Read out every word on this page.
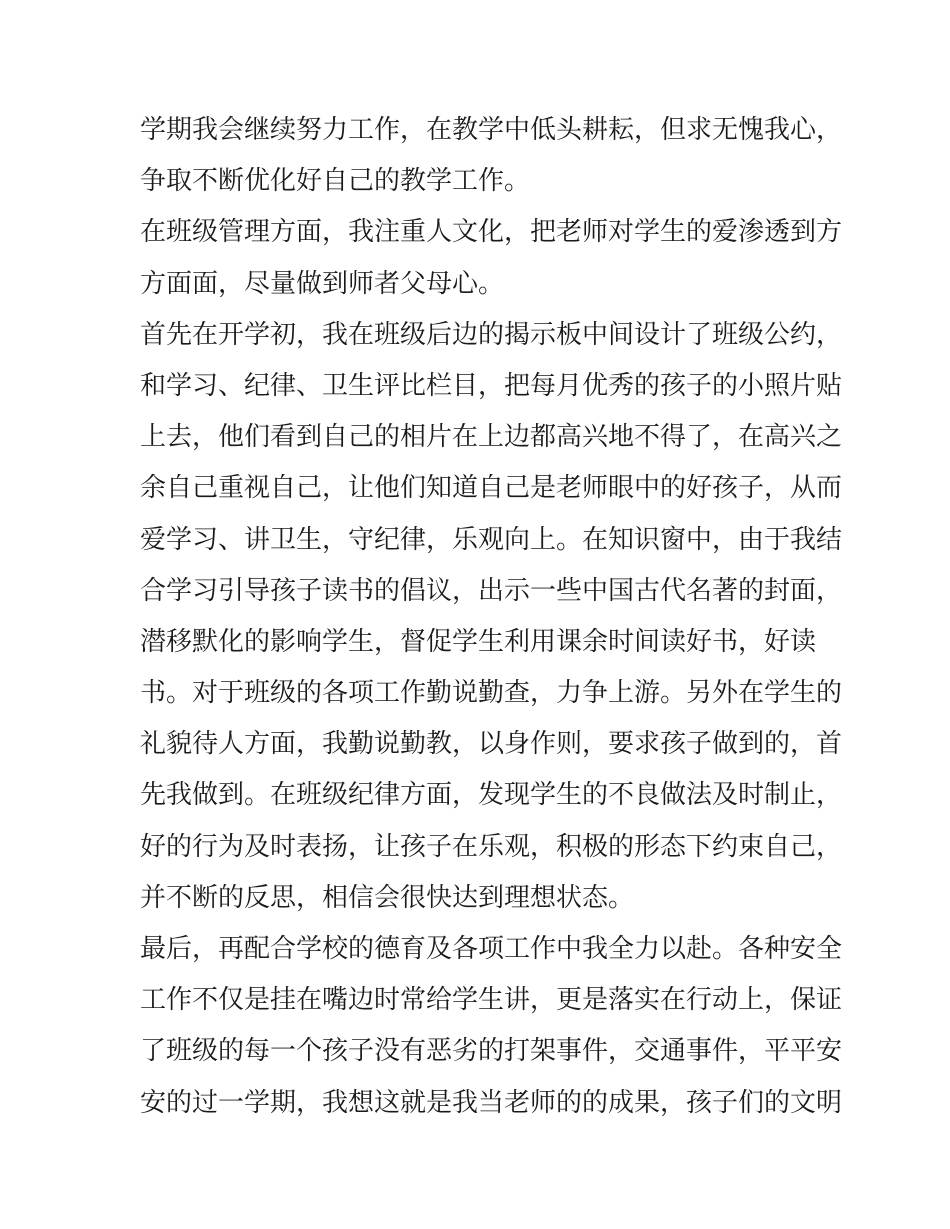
学期我会继续努力工作，在教学中低头耕耘，但求无愧我心，
争取不断优化好自己的教学工作。
在班级管理方面，我注重人文化，把老师对学生的爱渗透到方
方面面，尽量做到师者父母心。
首先在开学初，我在班级后边的揭示板中间设计了班级公约，
和学习、纪律、卫生评比栏目，把每月优秀的孩子的小照片贴
上去，他们看到自己的相片在上边都高兴地不得了，在高兴之
余自己重视自己，让他们知道自己是老师眼中的好孩子，从而
爱学习、讲卫生，守纪律，乐观向上。在知识窗中，由于我结
合学习引导孩子读书的倡议，出示一些中国古代名著的封面，
潜移默化的影响学生，督促学生利用课余时间读好书，好读
书。对于班级的各项工作勤说勤查，力争上游。另外在学生的
礼貌待人方面，我勤说勤教，以身作则，要求孩子做到的，首
先我做到。在班级纪律方面，发现学生的不良做法及时制止，
好的行为及时表扬，让孩子在乐观，积极的形态下约束自己，
并不断的反思，相信会很快达到理想状态。
最后，再配合学校的德育及各项工作中我全力以赴。各种安全
工作不仅是挂在嘴边时常给学生讲，更是落实在行动上，保证
了班级的每一个孩子没有恶劣的打架事件，交通事件，平平安
安的过一学期，我想这就是我当老师的的成果，孩子们的文明
